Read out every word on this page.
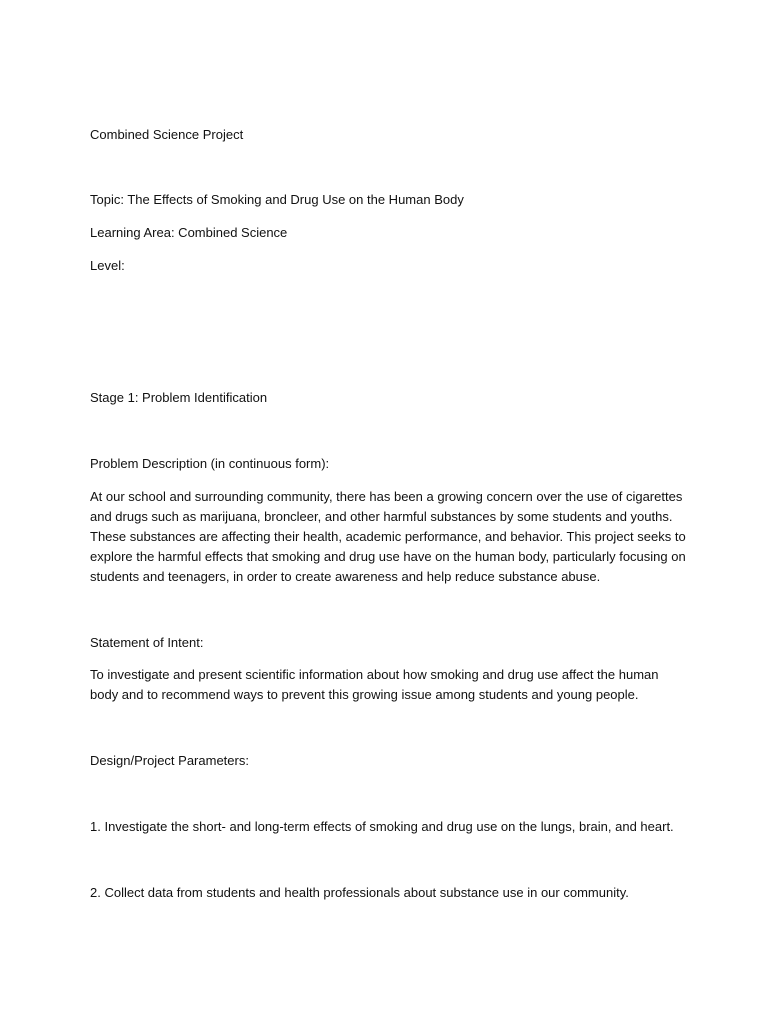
Combined Science Project

Topic: The Effects of Smoking and Drug Use on the Human Body

Learning Area: Combined Science

Level:

Stage 1: Problem Identification

Problem Description (in continuous form):

At our school and surrounding community, there has been a growing concern over the use of cigarettes
and drugs such as marijuana, broncleer, and other harmful substances by some students and youths.
These substances are affecting their health, academic performance, and behavior. This project seeks to
explore the harmful effects that smoking and drug use have on the human body, particularly focusing on
students and teenagers, in order to create awareness and help reduce substance abuse.

Statement of Intent:

To investigate and present scientific information about how smoking and drug use affect the human
body and to recommend ways to prevent this growing issue among students and young people.

Design/Project Parameters:

1. Investigate the short- and long-term effects of smoking and drug use on the lungs, brain, and heart.

2. Collect data from students and health professionals about substance use in our community.
